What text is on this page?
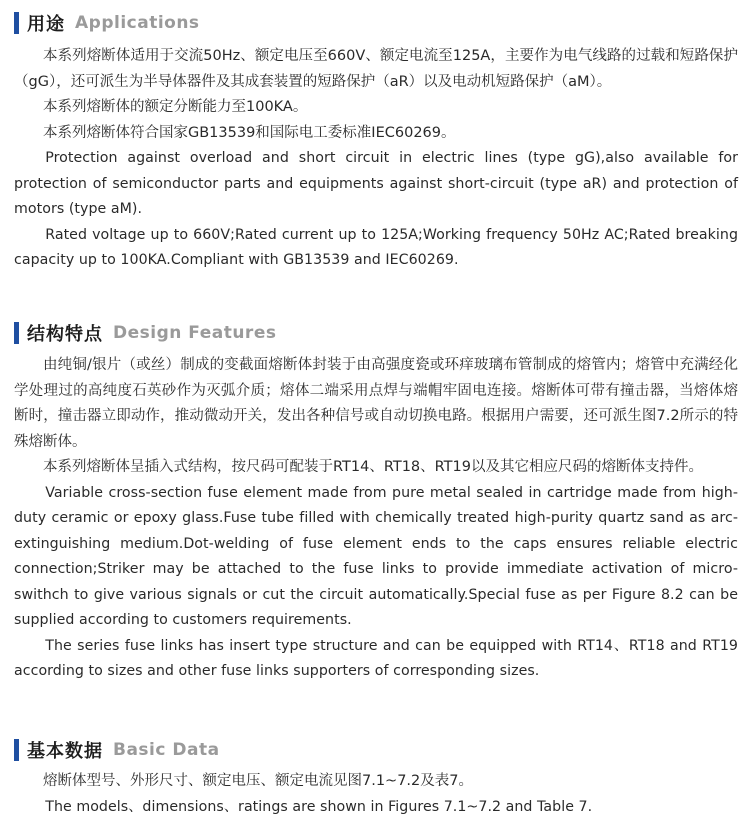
用途 Applications

本系列熔断体适用于交流50Hz、额定电压至660V、额定电流至125A，主要作为电气线路的过载和短路保护（gG），还可派生为半导体器件及其成套装置的短路保护（aR）以及电动机短路保护（aM）。

本系列熔断体的额定分断能力至100KA。

本系列熔断体符合国家GB13539和国际电工委标准IEC60269。

Protection against overload and short circuit in electric lines (type gG),also available for protection of semiconductor parts and equipments against short-circuit (type aR) and protection of motors (type aM).

Rated voltage up to 660V;Rated current up to 125A;Working frequency 50Hz AC;Rated breaking capacity up to 100KA.Compliant with GB13539 and IEC60269.

结构特点 Design Features

由纯铜/银片（或丝）制成的变截面熔断体封装于由高强度瓷或环痒玻璃布管制成的熔管内；熔管中充满经化学处理过的高纯度石英砂作为灭弧介质；熔体二端采用点焊与端帽牢固电连接。熔断体可带有撞击器，当熔体熔断时，撞击器立即动作，推动微动开关，发出各种信号或自动切换电路。根据用户需要，还可派生图7.2所示的特殊熔断体。

本系列熔断体呈插入式结构，按尺码可配装于RT14、RT18、RT19以及其它相应尺码的熔断体支持件。

Variable cross-section fuse element made from pure metal sealed in cartridge made from high-duty ceramic or epoxy glass.Fuse tube filled with chemically treated high-purity quartz sand as arc-extinguishing medium.Dot-welding of fuse element ends to the caps ensures reliable electric connection;Striker may be attached to the fuse links to provide immediate activation of micro-swithch to give various signals or cut the circuit automatically.Special fuse as per Figure 8.2 can be supplied according to customers requirements.

The series fuse links has insert type structure and can be equipped with RT14、RT18 and RT19 according to sizes and other fuse links supporters of corresponding sizes.

基本数据 Basic Data

熔断体型号、外形尺寸、额定电压、额定电流见图7.1~7.2及表7。

The models、dimensions、ratings are shown in Figures 7.1~7.2 and Table 7.
